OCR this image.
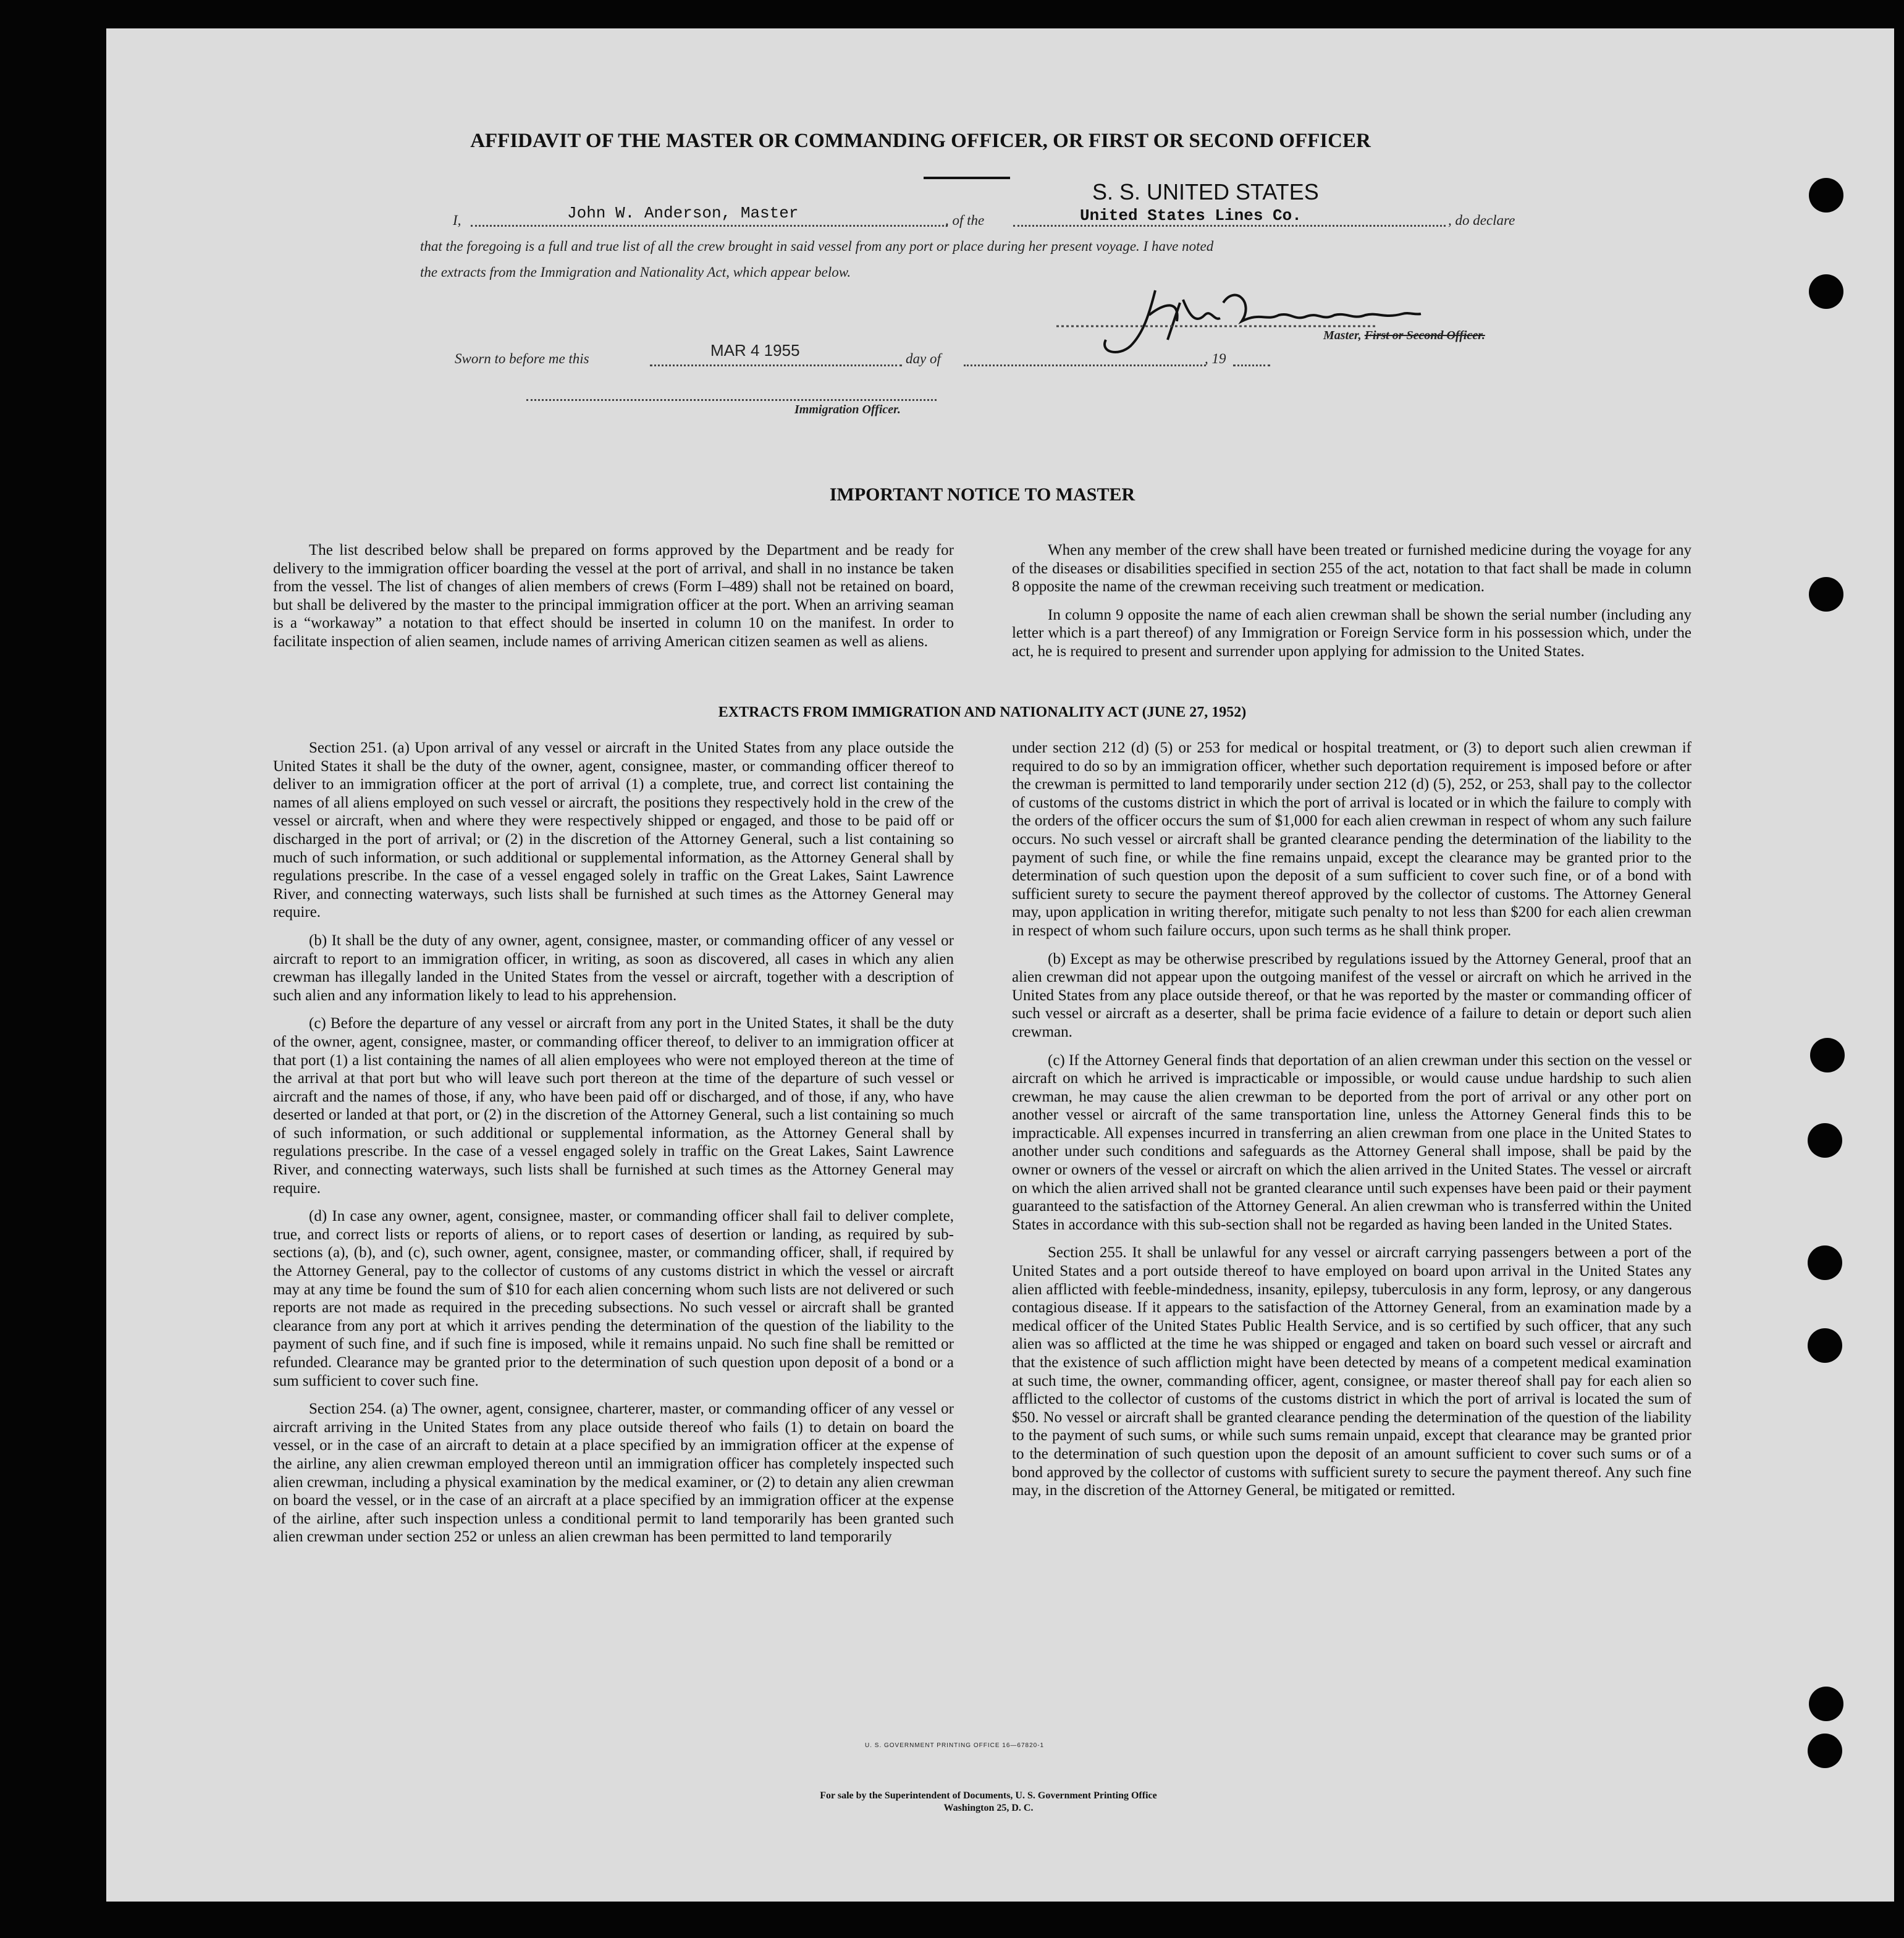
AFFIDAVIT OF THE MASTER OR COMMANDING OFFICER, OR FIRST OR SECOND OFFICER
I,	John W. Anderson, Master	, of the
S. S. UNITED STATES
United States Lines Co.	, do declare
that the foregoing is a full and true list of all the crew brought in said vessel from any port or place during her present voyage. I have noted
the extracts from the Immigration and Nationality Act, which appear below.
Master, First or Second Officer.
Sworn to before me this	MAR 4 1955	day of	, 19
Immigration Officer.
IMPORTANT NOTICE TO MASTER

The list described below shall be prepared on forms approved by the Department and be ready for delivery to the immigration officer boarding the vessel at the port of arrival, and shall in no instance be taken from the vessel. The list of changes of alien members of crews (Form I–489) shall not be retained on board, but shall be delivered by the master to the principal immigration officer at the port. When an arriving seaman is a “workaway” a notation to that effect should be inserted in column 10 on the manifest. In order to facilitate inspection of alien seamen, include names of arriving American citizen seamen as well as aliens.

When any member of the crew shall have been treated or furnished medicine during the voyage for any of the diseases or disabilities specified in section 255 of the act, notation to that fact shall be made in column 8 opposite the name of the crewman receiving such treatment or medication.

In column 9 opposite the name of each alien crewman shall be shown the serial number (including any letter which is a part thereof) of any Immigration or Foreign Service form in his possession which, under the act, he is required to present and surrender upon applying for admission to the United States.

EXTRACTS FROM IMMIGRATION AND NATIONALITY ACT (JUNE 27, 1952)

Section 251. (a) Upon arrival of any vessel or aircraft in the United States from any place outside the United States it shall be the duty of the owner, agent, consignee, master, or commanding officer thereof to deliver to an immigration officer at the port of arrival (1) a complete, true, and correct list containing the names of all aliens employed on such vessel or aircraft, the positions they respectively hold in the crew of the vessel or aircraft, when and where they were respectively shipped or engaged, and those to be paid off or discharged in the port of arrival; or (2) in the discretion of the Attorney General, such a list containing so much of such information, or such additional or supplemental information, as the Attorney General shall by regulations prescribe. In the case of a vessel engaged solely in traffic on the Great Lakes, Saint Lawrence River, and connecting waterways, such lists shall be furnished at such times as the Attorney General may require.

(b) It shall be the duty of any owner, agent, consignee, master, or commanding officer of any vessel or aircraft to report to an immigration officer, in writing, as soon as discovered, all cases in which any alien crewman has illegally landed in the United States from the vessel or aircraft, together with a description of such alien and any information likely to lead to his apprehension.

(c) Before the departure of any vessel or aircraft from any port in the United States, it shall be the duty of the owner, agent, consignee, master, or commanding officer thereof, to deliver to an immigration officer at that port (1) a list containing the names of all alien employees who were not employed thereon at the time of the arrival at that port but who will leave such port thereon at the time of the departure of such vessel or aircraft and the names of those, if any, who have been paid off or discharged, and of those, if any, who have deserted or landed at that port, or (2) in the discretion of the Attorney General, such a list containing so much of such information, or such additional or supplemental information, as the Attorney General shall by regulations prescribe. In the case of a vessel engaged solely in traffic on the Great Lakes, Saint Lawrence River, and connecting waterways, such lists shall be furnished at such times as the Attorney General may require.

(d) In case any owner, agent, consignee, master, or commanding officer shall fail to deliver complete, true, and correct lists or reports of aliens, or to report cases of desertion or landing, as required by sub-sections (a), (b), and (c), such owner, agent, consignee, master, or commanding officer, shall, if required by the Attorney General, pay to the collector of customs of any customs district in which the vessel or aircraft may at any time be found the sum of $10 for each alien concerning whom such lists are not delivered or such reports are not made as required in the preceding subsections. No such vessel or aircraft shall be granted clearance from any port at which it arrives pending the determination of the question of the liability to the payment of such fine, and if such fine is imposed, while it remains unpaid. No such fine shall be remitted or refunded. Clearance may be granted prior to the determination of such question upon deposit of a bond or a sum sufficient to cover such fine.

Section 254. (a) The owner, agent, consignee, charterer, master, or commanding officer of any vessel or aircraft arriving in the United States from any place outside thereof who fails (1) to detain on board the vessel, or in the case of an aircraft to detain at a place specified by an immigration officer at the expense of the airline, any alien crewman employed thereon until an immigration officer has completely inspected such alien crewman, including a physical examination by the medical examiner, or (2) to detain any alien crewman on board the vessel, or in the case of an aircraft at a place specified by an immigration officer at the expense of the airline, after such inspection unless a conditional permit to land temporarily has been granted such alien crewman under section 252 or unless an alien crewman has been permitted to land temporarily

under section 212 (d) (5) or 253 for medical or hospital treatment, or (3) to deport such alien crewman if required to do so by an immigration officer, whether such deportation requirement is imposed before or after the crewman is permitted to land temporarily under section 212 (d) (5), 252, or 253, shall pay to the collector of customs of the customs district in which the port of arrival is located or in which the failure to comply with the orders of the officer occurs the sum of $1,000 for each alien crewman in respect of whom any such failure occurs. No such vessel or aircraft shall be granted clearance pending the determination of the liability to the payment of such fine, or while the fine remains unpaid, except the clearance may be granted prior to the determination of such question upon the deposit of a sum sufficient to cover such fine, or of a bond with sufficient surety to secure the payment thereof approved by the collector of customs. The Attorney General may, upon application in writing therefor, mitigate such penalty to not less than $200 for each alien crewman in respect of whom such failure occurs, upon such terms as he shall think proper.

(b) Except as may be otherwise prescribed by regulations issued by the Attorney General, proof that an alien crewman did not appear upon the outgoing manifest of the vessel or aircraft on which he arrived in the United States from any place outside thereof, or that he was reported by the master or commanding officer of such vessel or aircraft as a deserter, shall be prima facie evidence of a failure to detain or deport such alien crewman.

(c) If the Attorney General finds that deportation of an alien crewman under this section on the vessel or aircraft on which he arrived is impracticable or impossible, or would cause undue hardship to such alien crewman, he may cause the alien crewman to be deported from the port of arrival or any other port on another vessel or aircraft of the same transportation line, unless the Attorney General finds this to be impracticable. All expenses incurred in transferring an alien crewman from one place in the United States to another under such conditions and safeguards as the Attorney General shall impose, shall be paid by the owner or owners of the vessel or aircraft on which the alien arrived in the United States. The vessel or aircraft on which the alien arrived shall not be granted clearance until such expenses have been paid or their payment guaranteed to the satisfaction of the Attorney General. An alien crewman who is transferred within the United States in accordance with this sub-section shall not be regarded as having been landed in the United States.

Section 255. It shall be unlawful for any vessel or aircraft carrying passengers between a port of the United States and a port outside thereof to have employed on board upon arrival in the United States any alien afflicted with feeble-mindedness, insanity, epilepsy, tuberculosis in any form, leprosy, or any dangerous contagious disease. If it appears to the satisfaction of the Attorney General, from an examination made by a medical officer of the United States Public Health Service, and is so certified by such officer, that any such alien was so afflicted at the time he was shipped or engaged and taken on board such vessel or aircraft and that the existence of such affliction might have been detected by means of a competent medical examination at such time, the owner, commanding officer, agent, consignee, or master thereof shall pay for each alien so afflicted to the collector of customs of the customs district in which the port of arrival is located the sum of $50. No vessel or aircraft shall be granted clearance pending the determination of the question of the liability to the payment of such sums, or while such sums remain unpaid, except that clearance may be granted prior to the determination of such question upon the deposit of an amount sufficient to cover such sums or of a bond approved by the collector of customs with sufficient surety to secure the payment thereof. Any such fine may, in the discretion of the Attorney General, be mitigated or remitted.

U. S. GOVERNMENT PRINTING OFFICE 16—67820-1
For sale by the Superintendent of Documents, U. S. Government Printing Office
Washington 25, D. C.
